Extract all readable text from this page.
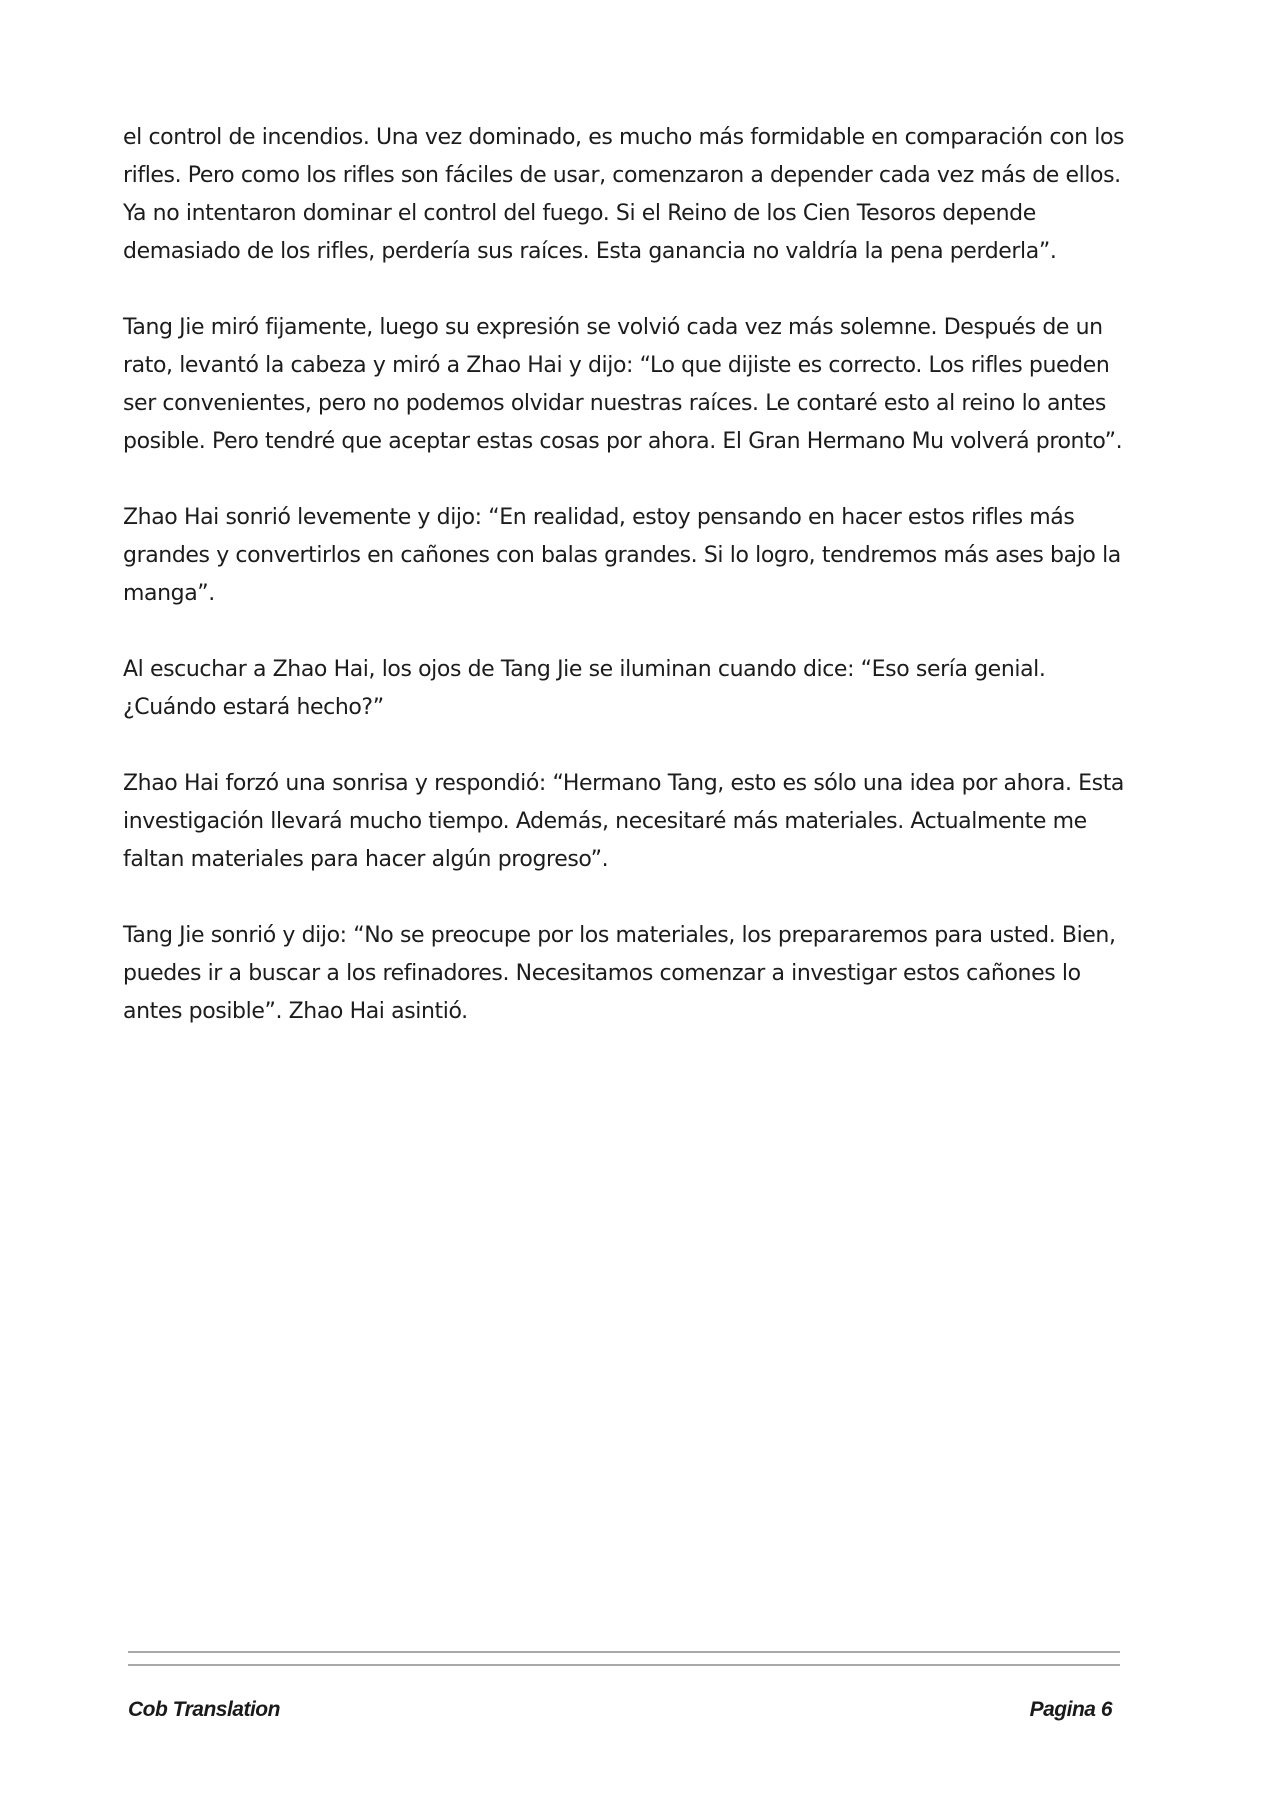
el control de incendios. Una vez dominado, es mucho más formidable en comparación con los rifles. Pero como los rifles son fáciles de usar, comenzaron a depender cada vez más de ellos. Ya no intentaron dominar el control del fuego. Si el Reino de los Cien Tesoros depende demasiado de los rifles, perdería sus raíces. Esta ganancia no valdría la pena perderla”.

Tang Jie miró fijamente, luego su expresión se volvió cada vez más solemne. Después de un rato, levantó la cabeza y miró a Zhao Hai y dijo: “Lo que dijiste es correcto. Los rifles pueden ser convenientes, pero no podemos olvidar nuestras raíces. Le contaré esto al reino lo antes posible. Pero tendré que aceptar estas cosas por ahora. El Gran Hermano Mu volverá pronto”.

Zhao Hai sonrió levemente y dijo: “En realidad, estoy pensando en hacer estos rifles más grandes y convertirlos en cañones con balas grandes. Si lo logro, tendremos más ases bajo la manga”.

Al escuchar a Zhao Hai, los ojos de Tang Jie se iluminan cuando dice: “Eso sería genial. ¿Cuándo estará hecho?”

Zhao Hai forzó una sonrisa y respondió: “Hermano Tang, esto es sólo una idea por ahora. Esta investigación llevará mucho tiempo. Además, necesitaré más materiales. Actualmente me faltan materiales para hacer algún progreso”.

Tang Jie sonrió y dijo: “No se preocupe por los materiales, los prepararemos para usted. Bien, puedes ir a buscar a los refinadores. Necesitamos comenzar a investigar estos cañones lo antes posible”. Zhao Hai asintió.

Cob Translation	Pagina 6
